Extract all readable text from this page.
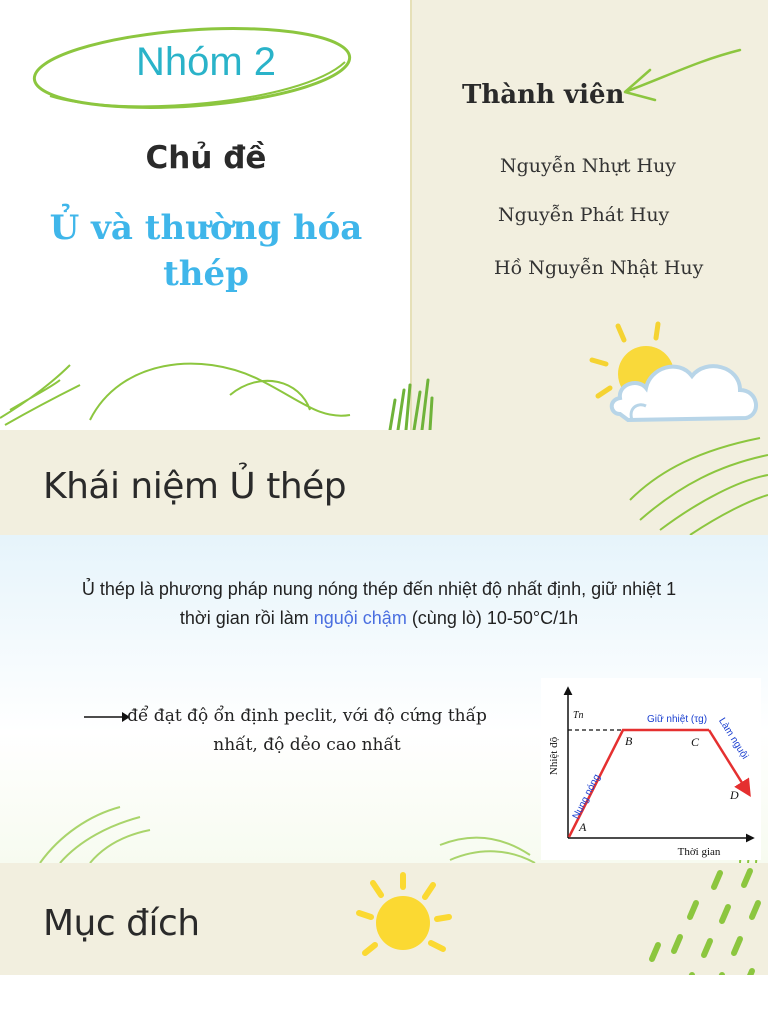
Nhóm 2
Chủ đề
Ủ và thường hóa
thép
Thành viên
Nguyễn Nhựt Huy
Nguyễn Phát Huy
Hồ Nguyễn Nhật Huy
Khái niệm Ủ thép
Ủ thép là phương pháp nung nóng thép đến nhiệt độ nhất định, giữ nhiệt 1
thời gian rồi làm nguội chậm (cùng lò) 10-50°C/1h
để đạt độ ổn định peclit, với độ cứng thấp
nhất, độ dẻo cao nhất	Nhiệt độ
Thời gian
Tn
A
B	C
D
Nung nóng
Giữ nhiệt (τg) Làm nguội
Mục đích
